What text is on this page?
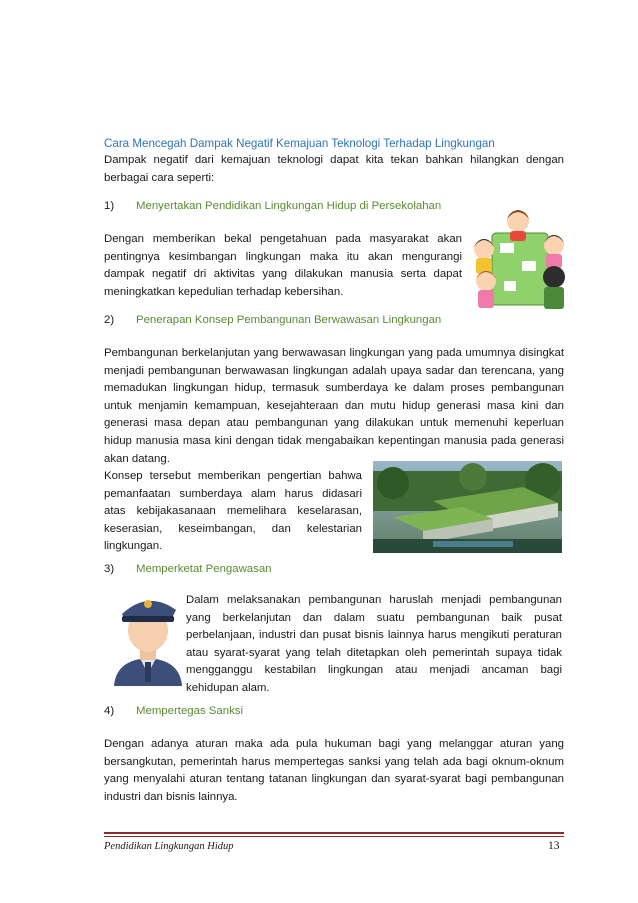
Cara Mencegah Dampak Negatif Kemajuan Teknologi Terhadap Lingkungan

Dampak negatif dari kemajuan teknologi dapat kita tekan bahkan hilangkan dengan berbagai cara seperti:

1) Menyertakan Pendidikan Lingkungan Hidup di Persekolahan

Dengan memberikan bekal pengetahuan pada masyarakat akan pentingnya kesimbangan lingkungan maka itu akan mengurangi dampak negatif dri aktivitas yang dilakukan manusia serta dapat meningkatkan kepedulian terhadap kebersihan.

2) Penerapan Konsep Pembangunan Berwawasan Lingkungan

Pembangunan berkelanjutan yang berwawasan lingkungan yang pada umumnya disingkat menjadi pembangunan berwawasan lingkungan adalah upaya sadar dan terencana, yang memadukan lingkungan hidup, termasuk sumberdaya ke dalam proses pembangunan untuk menjamin kemampuan, kesejahteraan dan mutu hidup generasi masa kini dan generasi masa depan atau pembangunan yang dilakukan untuk memenuhi keperluan hidup manusia masa kini dengan tidak mengabaikan kepentingan manusia pada generasi akan datang.

Konsep tersebut memberikan pengertian bahwa pemanfaatan sumberdaya alam harus didasari atas kebijakasanaan memelihara keselarasan, keserasian, keseimbangan, dan kelestarian lingkungan.

3) Memperketat Pengawasan

Dalam melaksanakan pembangunan haruslah menjadi pembangunan yang berkelanjutan dan dalam suatu pembangunan baik pusat perbelanjaan, industri dan pusat bisnis lainnya harus mengikuti peraturan atau syarat-syarat yang telah ditetapkan oleh pemerintah supaya tidak mengganggu kestabilan lingkungan atau menjadi ancaman bagi kehidupan alam.

4) Mempertegas Sanksi

Dengan adanya aturan maka ada pula hukuman bagi yang melanggar aturan yang bersangkutan, pemerintah harus mempertegas sanksi yang telah ada bagi oknum-oknum yang menyalahi aturan tentang tatanan lingkungan dan syarat-syarat bagi pembangunan industri dan bisnis lainnya.

Pendidikan Lingkungan Hidup	13
